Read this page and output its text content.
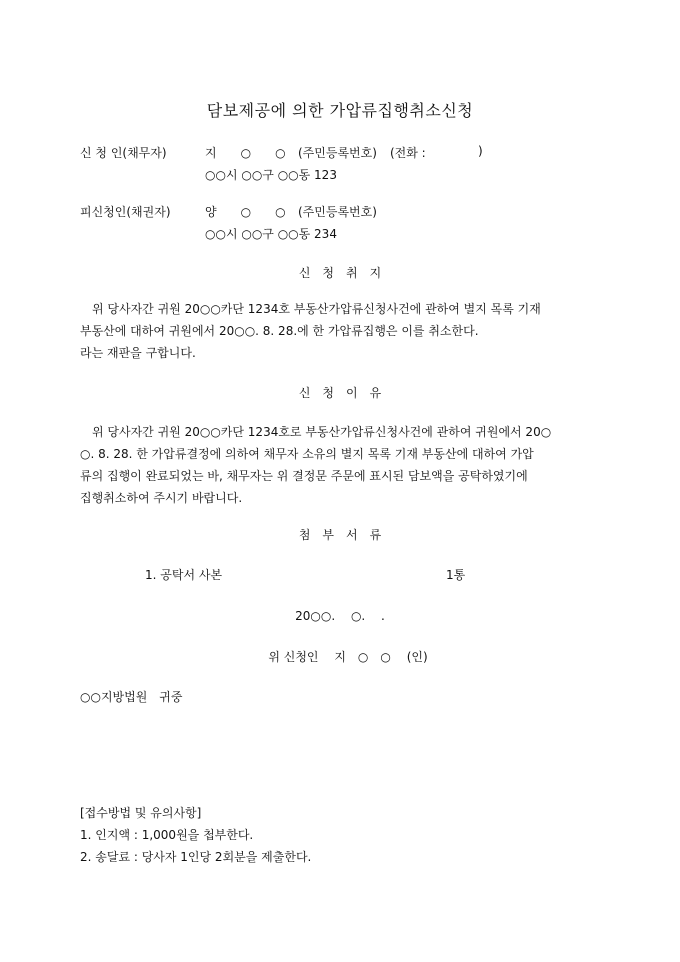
담보제공에 의한 가압류집행취소신청
신 청 인(채무자)	지　　○　　○ (주민등록번호) (전화 :	)
○○시 ○○구 ○○동 123
피신청인(채권자)	양　　○　　○ (주민등록번호)
○○시 ○○구 ○○동 234
신　청　취　지

위 당사자간 귀원 20○○카단 1234호 부동산가압류신청사건에 관하여 별지 목록 기재

부동산에 대하여 귀원에서 20○○. 8. 28.에 한 가압류집행은 이를 취소한다.

라는 재판을 구합니다.

신　청　이　유

위 당사자간 귀원 20○○카단 1234호로 부동산가압류신청사건에 관하여 귀원에서 20○

○. 8. 28. 한 가압류결정에 의하여 채무자 소유의 별지 목록 기재 부동산에 대하여 가압

류의 집행이 완료되었는 바, 채무자는 위 결정문 주문에 표시된 담보액을 공탁하였기에

집행취소하여 주시기 바랍니다.

첨　부　서　류
1. 공탁서 사본	1통
20○○.　 ○.　 .
위 신청인　 지　○　○　 (인)
○○지방법원　귀중
[접수방법 및 유의사항]
1. 인지액 : 1,000원을 첩부한다.
2. 송달료 : 당사자 1인당 2회분을 제출한다.
